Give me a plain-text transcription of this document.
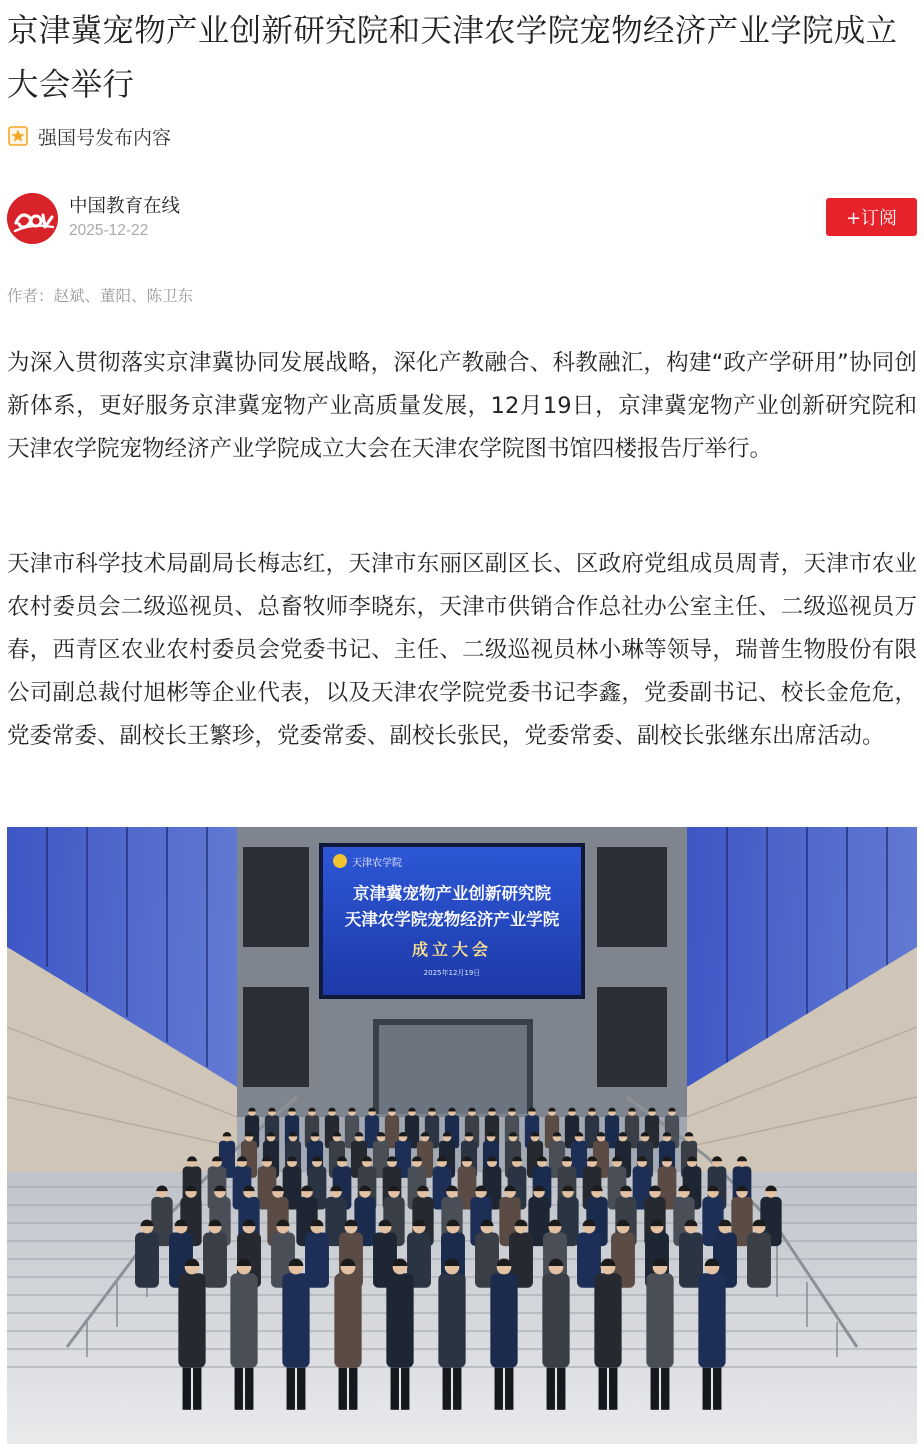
京津冀宠物产业创新研究院和天津农学院宠物经济产业学院成立大会举行
强国号发布内容
中国教育在线
2025-12-22
+订阅
作者：赵斌、董阳、陈卫东

为深入贯彻落实京津冀协同发展战略，深化产教融合、科教融汇，构建“政产学研用”协同创新体系，更好服务京津冀宠物产业高质量发展，12月19日，京津冀宠物产业创新研究院和天津农学院宠物经济产业学院成立大会在天津农学院图书馆四楼报告厅举行。

天津市科学技术局副局长梅志红，天津市东丽区副区长、区政府党组成员周青，天津市农业农村委员会二级巡视员、总畜牧师李晓东，天津市供销合作总社办公室主任、二级巡视员万春，西青区农业农村委员会党委书记、主任、二级巡视员林小琳等领导，瑞普生物股份有限公司副总裁付旭彬等企业代表，以及天津农学院党委书记李鑫，党委副书记、校长金危危，党委常委、副校长王繁珍，党委常委、副校长张民，党委常委、副校长张继东出席活动。

天津农学院
京津冀宠物产业创新研究院
天津农学院宠物经济产业学院
成立大会
2025年12月19日
